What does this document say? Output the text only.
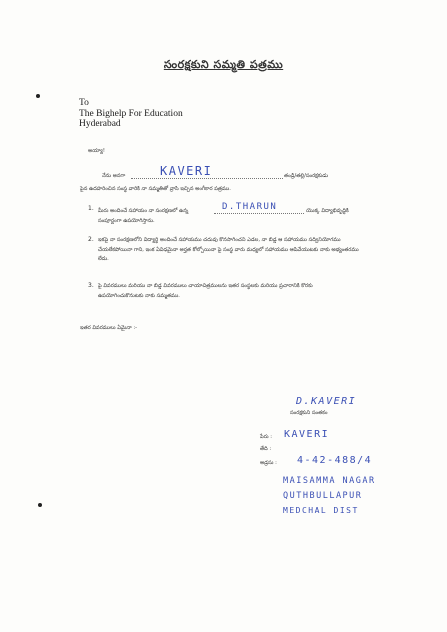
సంరక్షకుని సమ్మతి పత్రము
To
The Bighelp For Education
Hyderabad
అయ్యా!
నేను అనగా	KAVERI	తండ్రి/తల్లి/సంరక్షకుడు
పైన ఉదహరించిన సంస్థ వారికి నా సమ్మతితో వ్రాసి ఇచ్చిన అంగీకార పత్రము.
1. మీరు అందించే సహాయం నా సంరక్షణలో ఉన్న	D.THARUN	యొక్క విద్యాభివృద్ధికి
సంపూర్ణంగా ఉపయోగిస్తాను.
2. ఇకపై నా సంరక్షణలోని విద్యార్థి అందించే సహాయము చదువు కొనసాగించని ఎడల, నా బిడ్డ ఆ సహాయము సద్వినియోగము చేయలేకపోయినా గాని, ఇంక ఏవిధమైనా అర్హత కోల్పోయినా పై సంస్థ వారు మధ్యలో సహాయము ఆపివేయుటకు నాకు అభ్యంతరము లేదు.
3. పై వివరములు మరియు నా బిడ్డ వివరములు చాయాచిత్రములను ఇతర సంస్థలకు మరియు ప్రచారానికి కొరకు ఉపయోగించుకొనుటకు నాకు సమ్మతము.
ఇతర వివరములు ఏమైనా :-
D.KAVERI
సంరక్షకుని సంతకం
పేరు : KAVERI
తేది :
అడ్రసు : 4-42-488/4
MAISAMMA NAGAR
QUTHBULLAPUR
MEDCHAL DIST
